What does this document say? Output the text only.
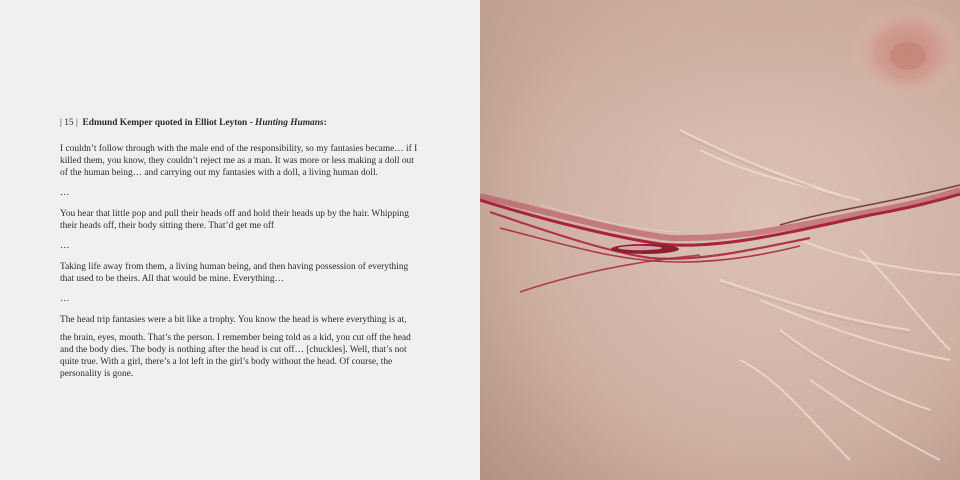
| 15 | Edmund Kemper quoted in Elliot Leyton - Hunting Humans:

I couldn’t follow through with the male end of the responsibility, so my fantasies became… if I killed them, you know, they couldn’t reject me as a man. It was more or less making a doll out of the human being… and carrying out my fantasies with a doll, a living human doll.

…

You hear that little pop and pull their heads off and hold their heads up by the hair. Whipping their heads off, their body sitting there. That’d get me off

…

Taking life away from them, a living human being, and then having possession of everything that used to be theirs. All that would be mine. Everything…

…

The head trip fantasies were a bit like a trophy. You know the head is where everything is at,

the brain, eyes, mouth. That’s the person. I remember being told as a kid, you cut off the head and the body dies. The body is nothing after the head is cut off… [chuckles]. Well, that’s not quite true. With a girl, there’s a lot left in the girl’s body without the head. Of course, the personality is gone.
